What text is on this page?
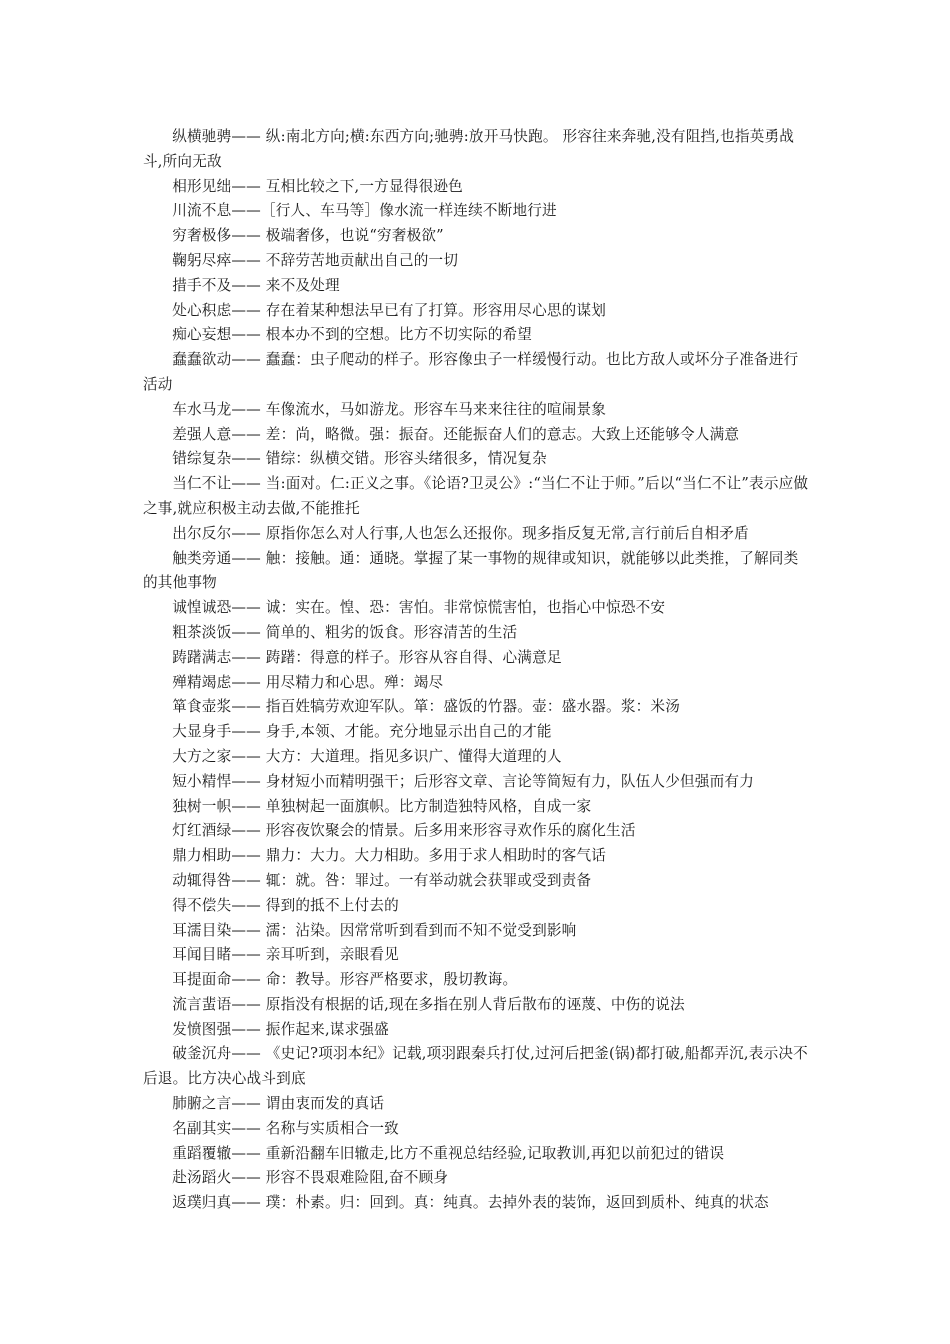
纵横驰骋—— 纵:南北方向;横:东西方向;驰骋:放开马快跑。 形容往来奔驰,没有阻挡,也指英勇战斗,所向无敌

相形见绌—— 互相比较之下,一方显得很逊色

川流不息——［行人、车马等］像水流一样连续不断地行进

穷奢极侈—— 极端奢侈，也说“穷奢极欲”

鞠躬尽瘁—— 不辞劳苦地贡献出自己的一切

措手不及—— 来不及处理

处心积虑—— 存在着某种想法早已有了打算。形容用尽心思的谋划

痴心妄想—— 根本办不到的空想。比方不切实际的希望

蠢蠢欲动—— 蠢蠢：虫子爬动的样子。形容像虫子一样缓慢行动。也比方敌人或坏分子准备进行活动

车水马龙—— 车像流水，马如游龙。形容车马来来往往的喧闹景象

差强人意—— 差：尚，略微。强：振奋。还能振奋人们的意志。大致上还能够令人满意

错综复杂—— 错综：纵横交错。形容头绪很多，情况复杂

当仁不让—— 当:面对。仁:正义之事。《论语?卫灵公》:“当仁不让于师。”后以“当仁不让”表示应做之事,就应积极主动去做,不能推托

出尔反尔—— 原指你怎么对人行事,人也怎么还报你。现多指反复无常,言行前后自相矛盾

触类旁通—— 触：接触。通：通晓。掌握了某一事物的规律或知识，就能够以此类推，了解同类的其他事物

诚惶诚恐—— 诚：实在。惶、恐：害怕。非常惊慌害怕，也指心中惊恐不安

粗茶淡饭—— 简单的、粗劣的饭食。形容清苦的生活

踌躇满志—— 踌躇：得意的样子。形容从容自得、心满意足

殚精竭虑—— 用尽精力和心思。殚：竭尽

箪食壶浆—— 指百姓犒劳欢迎军队。箪：盛饭的竹器。壶：盛水器。浆：米汤

大显身手—— 身手,本领、才能。充分地显示出自己的才能

大方之家—— 大方：大道理。指见多识广、懂得大道理的人

短小精悍—— 身材短小而精明强干；后形容文章、言论等简短有力，队伍人少但强而有力

独树一帜—— 单独树起一面旗帜。比方制造独特风格，自成一家

灯红酒绿—— 形容夜饮聚会的情景。后多用来形容寻欢作乐的腐化生活

鼎力相助—— 鼎力：大力。大力相助。多用于求人相助时的客气话

动辄得咎—— 辄：就。咎：罪过。一有举动就会获罪或受到责备

得不偿失—— 得到的抵不上付去的

耳濡目染—— 濡：沾染。因常常听到看到而不知不觉受到影响

耳闻目睹—— 亲耳听到，亲眼看见

耳提面命—— 命：教导。形容严格要求，殷切教诲。

流言蜚语—— 原指没有根据的话,现在多指在别人背后散布的诬蔑、中伤的说法

发愤图强—— 振作起来,谋求强盛

破釜沉舟—— 《史记?项羽本纪》记载,项羽跟秦兵打仗,过河后把釜(锅)都打破,船都弄沉,表示决不后退。比方决心战斗到底

肺腑之言—— 谓由衷而发的真话

名副其实—— 名称与实质相合一致

重蹈覆辙—— 重新沿翻车旧辙走,比方不重视总结经验,记取教训,再犯以前犯过的错误

赴汤蹈火—— 形容不畏艰难险阻,奋不顾身

返璞归真—— 璞：朴素。归：回到。真：纯真。去掉外表的装饰，返回到质朴、纯真的状态
